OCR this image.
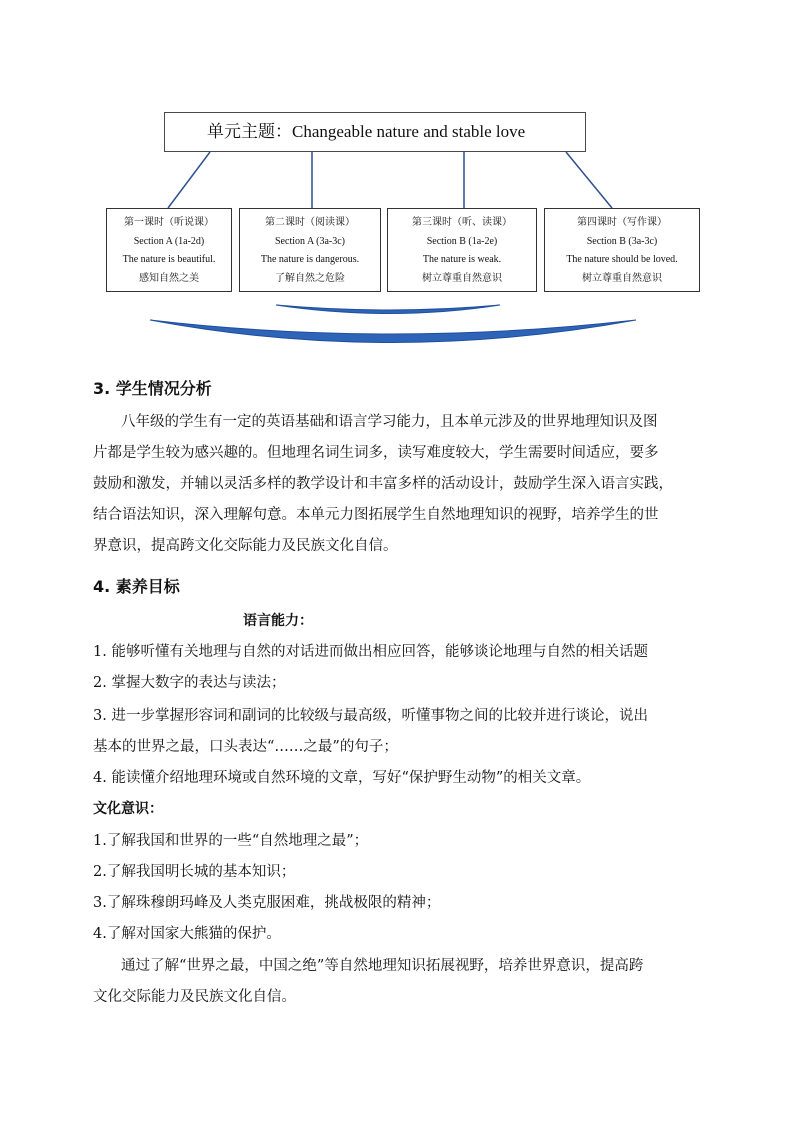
单元主题：Changeable nature and stable love
第一课时（听说课）
Section A (1a-2d)
The nature is beautiful.
感知自然之美
第二课时（阅读课）
Section A (3a-3c)
The nature is dangerous.
了解自然之危险
第三课时（听、读课）
Section B (1a-2e)
The nature is weak.
树立尊重自然意识
第四课时（写作课）
Section B (3a-3c)
The nature should be loved.
树立尊重自然意识
3. 学生情况分析
八年级的学生有一定的英语基础和语言学习能力，且本单元涉及的世界地理知识及图
片都是学生较为感兴趣的。但地理名词生词多，读写难度较大，学生需要时间适应，要多
鼓励和激发，并辅以灵活多样的教学设计和丰富多样的活动设计，鼓励学生深入语言实践，
结合语法知识，深入理解句意。本单元力图拓展学生自然地理知识的视野，培养学生的世
界意识，提高跨文化交际能力及民族文化自信。
4. 素养目标
语言能力：
1. 能够听懂有关地理与自然的对话进而做出相应回答，能够谈论地理与自然的相关话题
2. 掌握大数字的表达与读法；
3. 进一步掌握形容词和副词的比较级与最高级，听懂事物之间的比较并进行谈论，说出
基本的世界之最，口头表达“……之最”的句子；
4. 能读懂介绍地理环境或自然环境的文章，写好“保护野生动物”的相关文章。
文化意识：
1.了解我国和世界的一些“自然地理之最”；
2.了解我国明长城的基本知识；
3.了解珠穆朗玛峰及人类克服困难，挑战极限的精神；
4.了解对国家大熊猫的保护。
通过了解“世界之最，中国之绝”等自然地理知识拓展视野，培养世界意识，提高跨
文化交际能力及民族文化自信。
